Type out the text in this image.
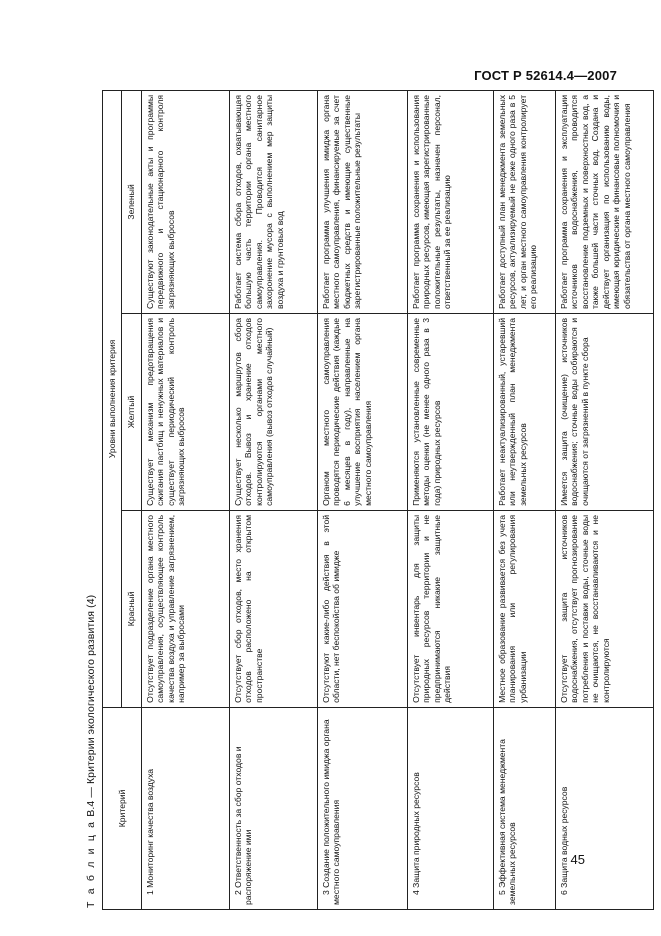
ГОСТ Р 52614.4—2007
Т а б л и ц а В.4 — Критерии экологического развития (4) Критерий	Уровни выполнения критерия		
	Красный	Желтый	Зеленый
1 Мониторинг качества воздуха	Отсутствует подразделение органа местного самоуправления, осуществляющее контроль качества воздуха и управление загрязнением, например за выбросами	Существует механизм предотвращения сжигания пастбищ и ненужных материалов и существует периодический контроль загрязняющих выбросов	Существуют законодательные акты и программы передвижного и стационарного контроля загрязняющих выбросов

2 Ответственность за сбор отходов и распоряжение ими	Отсутствует сбор отходов, место хранения отходов расположено на открытом пространстве	Существует несколько маршрутов сбора отходов. Вывоз и хранение отходов контролируются органами местного самоуправления (вывоз отходов случайный)	Работает система сбора отходов, охватывающая большую часть территории органа местного самоуправления. Проводится санитарное захоронение мусора с выполнением мер защиты воздуха и грунтовых вод

3 Создание положительного имиджа органа местного самоуправления	Отсутствуют какие-либо действия в этой области, нет беспокойства об имидже	Органом местного самоуправления проводятся периодические действия (каждые 6 месяцев в году), направленные на улучшение восприятия населением органа местного самоуправления	Работает программа улучшения имиджа органа местного самоуправления, финансируемые за счет бюджетных средств и имеющие существенные зарегистрированные положительные результаты

4 Защита природных ресурсов	Отсутствует инвентарь для защиты природных ресурсов территории и не предпринимаются никакие защитные действия	Применяются установленные современные методы оценки (не менее одного раза в 3 года) природных ресурсов	Работает программа сохранения и использования природных ресурсов, имеющая зарегистрированные положительные результаты, назначен персонал, ответственный за ее реализацию

5 Эффективная система менеджмента земельных ресурсов	Местное образование развивается без учета планирования или регулирования урбанизации	Работает неактуализированный, устаревший или неутвержденный план менеджмента земельных ресурсов	Работает доступный план менеджмента земельных ресурсов, актуализируемый не реже одного раза в 5 лет, и орган местного самоуправления контролирует его реализацию

6 Защита водных ресурсов	Отсутствует защита источников водоснабжения, отсутствует прогнозирование потребления и поставки воды, сточные воды не очищаются, не восстанавливаются и не контролируются	Имеется защита (очищение) источников водоснабжения; сточные воды собираются и очищаются от загрязнений в пункте сбора	Работает программа сохранения и эксплуатации источников водоснабжения, проводится восстановление подземных и поверхностных вод, а также большей части сточных вод. Создана и действует организация по использованию воды, имеющая юридические и финансовые полномочия и обязательства от органа местного самоуправления

45
